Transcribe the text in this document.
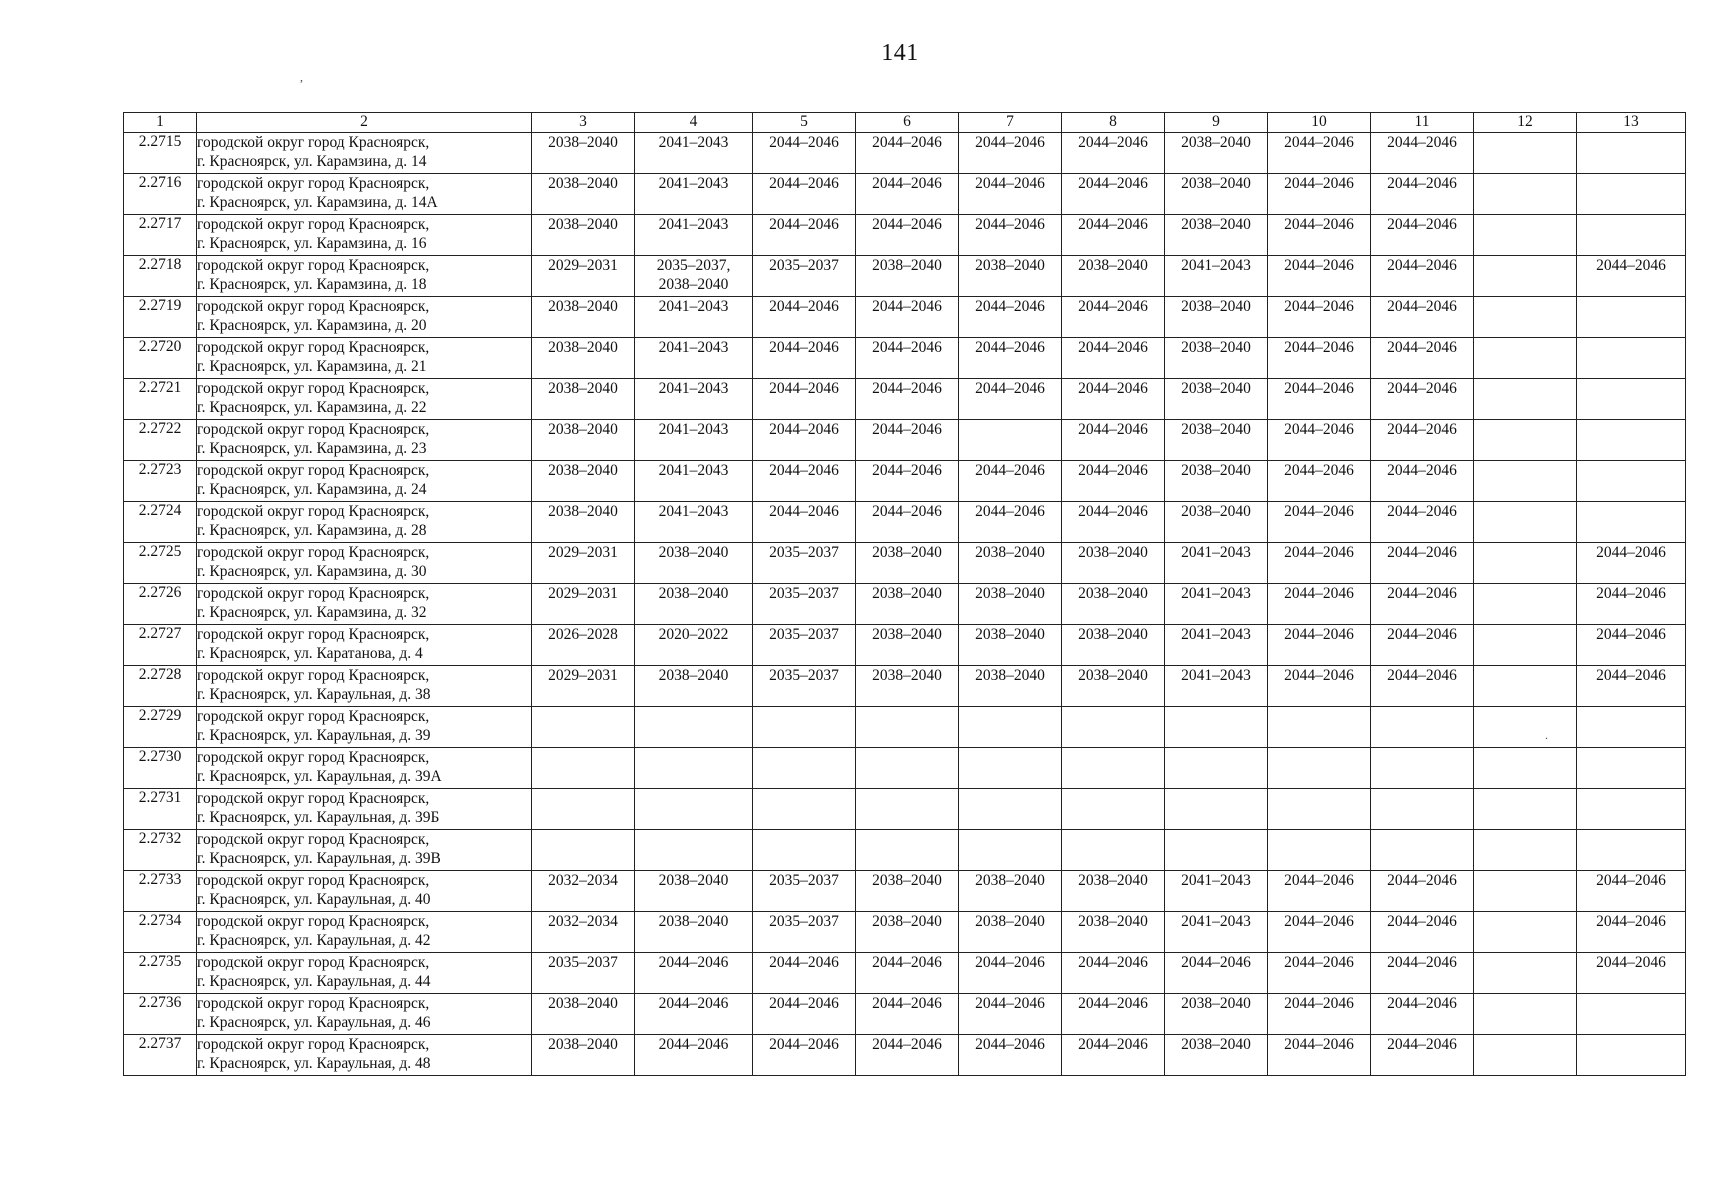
141
,
.
1	2	3	4	5	6	7	8	9	10	11	12	13
2.2715	городской округ город Красноярск,
г. Красноярск, ул. Карамзина, д. 14	2038–2040	2041–2043	2044–2046	2044–2046	2044–2046	2044–2046	2038–2040	2044–2046	2044–2046		
2.2716	городской округ город Красноярск,
г. Красноярск, ул. Карамзина, д. 14А	2038–2040	2041–2043	2044–2046	2044–2046	2044–2046	2044–2046	2038–2040	2044–2046	2044–2046		
2.2717	городской округ город Красноярск,
г. Красноярск, ул. Карамзина, д. 16	2038–2040	2041–2043	2044–2046	2044–2046	2044–2046	2044–2046	2038–2040	2044–2046	2044–2046		
2.2718	городской округ город Красноярск,
г. Красноярск, ул. Карамзина, д. 18	2029–2031	2035–2037,
2038–2040	2035–2037	2038–2040	2038–2040	2038–2040	2041–2043	2044–2046	2044–2046		2044–2046
2.2719	городской округ город Красноярск,
г. Красноярск, ул. Карамзина, д. 20	2038–2040	2041–2043	2044–2046	2044–2046	2044–2046	2044–2046	2038–2040	2044–2046	2044–2046		
2.2720	городской округ город Красноярск,
г. Красноярск, ул. Карамзина, д. 21	2038–2040	2041–2043	2044–2046	2044–2046	2044–2046	2044–2046	2038–2040	2044–2046	2044–2046		
2.2721	городской округ город Красноярск,
г. Красноярск, ул. Карамзина, д. 22	2038–2040	2041–2043	2044–2046	2044–2046	2044–2046	2044–2046	2038–2040	2044–2046	2044–2046		
2.2722	городской округ город Красноярск,
г. Красноярск, ул. Карамзина, д. 23	2038–2040	2041–2043	2044–2046	2044–2046		2044–2046	2038–2040	2044–2046	2044–2046		
2.2723	городской округ город Красноярск,
г. Красноярск, ул. Карамзина, д. 24	2038–2040	2041–2043	2044–2046	2044–2046	2044–2046	2044–2046	2038–2040	2044–2046	2044–2046		
2.2724	городской округ город Красноярск,
г. Красноярск, ул. Карамзина, д. 28	2038–2040	2041–2043	2044–2046	2044–2046	2044–2046	2044–2046	2038–2040	2044–2046	2044–2046		
2.2725	городской округ город Красноярск,
г. Красноярск, ул. Карамзина, д. 30	2029–2031	2038–2040	2035–2037	2038–2040	2038–2040	2038–2040	2041–2043	2044–2046	2044–2046		2044–2046
2.2726	городской округ город Красноярск,
г. Красноярск, ул. Карамзина, д. 32	2029–2031	2038–2040	2035–2037	2038–2040	2038–2040	2038–2040	2041–2043	2044–2046	2044–2046		2044–2046
2.2727	городской округ город Красноярск,
г. Красноярск, ул. Каратанова, д. 4	2026–2028	2020–2022	2035–2037	2038–2040	2038–2040	2038–2040	2041–2043	2044–2046	2044–2046		2044–2046
2.2728	городской округ город Красноярск,
г. Красноярск, ул. Караульная, д. 38	2029–2031	2038–2040	2035–2037	2038–2040	2038–2040	2038–2040	2041–2043	2044–2046	2044–2046		2044–2046
2.2729	городской округ город Красноярск,
г. Красноярск, ул. Караульная, д. 39											

2.2730	городской округ город Красноярск,
г. Красноярск, ул. Караульная, д. 39А											

2.2731	городской округ город Красноярск,
г. Красноярск, ул. Караульная, д. 39Б											

2.2732	городской округ город Красноярск,
г. Красноярск, ул. Караульная, д. 39В											

2.2733	городской округ город Красноярск,
г. Красноярск, ул. Караульная, д. 40	2032–2034	2038–2040	2035–2037	2038–2040	2038–2040	2038–2040	2041–2043	2044–2046	2044–2046		2044–2046
2.2734	городской округ город Красноярск,
г. Красноярск, ул. Караульная, д. 42	2032–2034	2038–2040	2035–2037	2038–2040	2038–2040	2038–2040	2041–2043	2044–2046	2044–2046		2044–2046
2.2735	городской округ город Красноярск,
г. Красноярск, ул. Караульная, д. 44	2035–2037	2044–2046	2044–2046	2044–2046	2044–2046	2044–2046	2044–2046	2044–2046	2044–2046		2044–2046
2.2736	городской округ город Красноярск,
г. Красноярск, ул. Караульная, д. 46	2038–2040	2044–2046	2044–2046	2044–2046	2044–2046	2044–2046	2038–2040	2044–2046	2044–2046		
2.2737	городской округ город Красноярск,
г. Красноярск, ул. Караульная, д. 48	2038–2040	2044–2046	2044–2046	2044–2046	2044–2046	2044–2046	2038–2040	2044–2046	2044–2046		
